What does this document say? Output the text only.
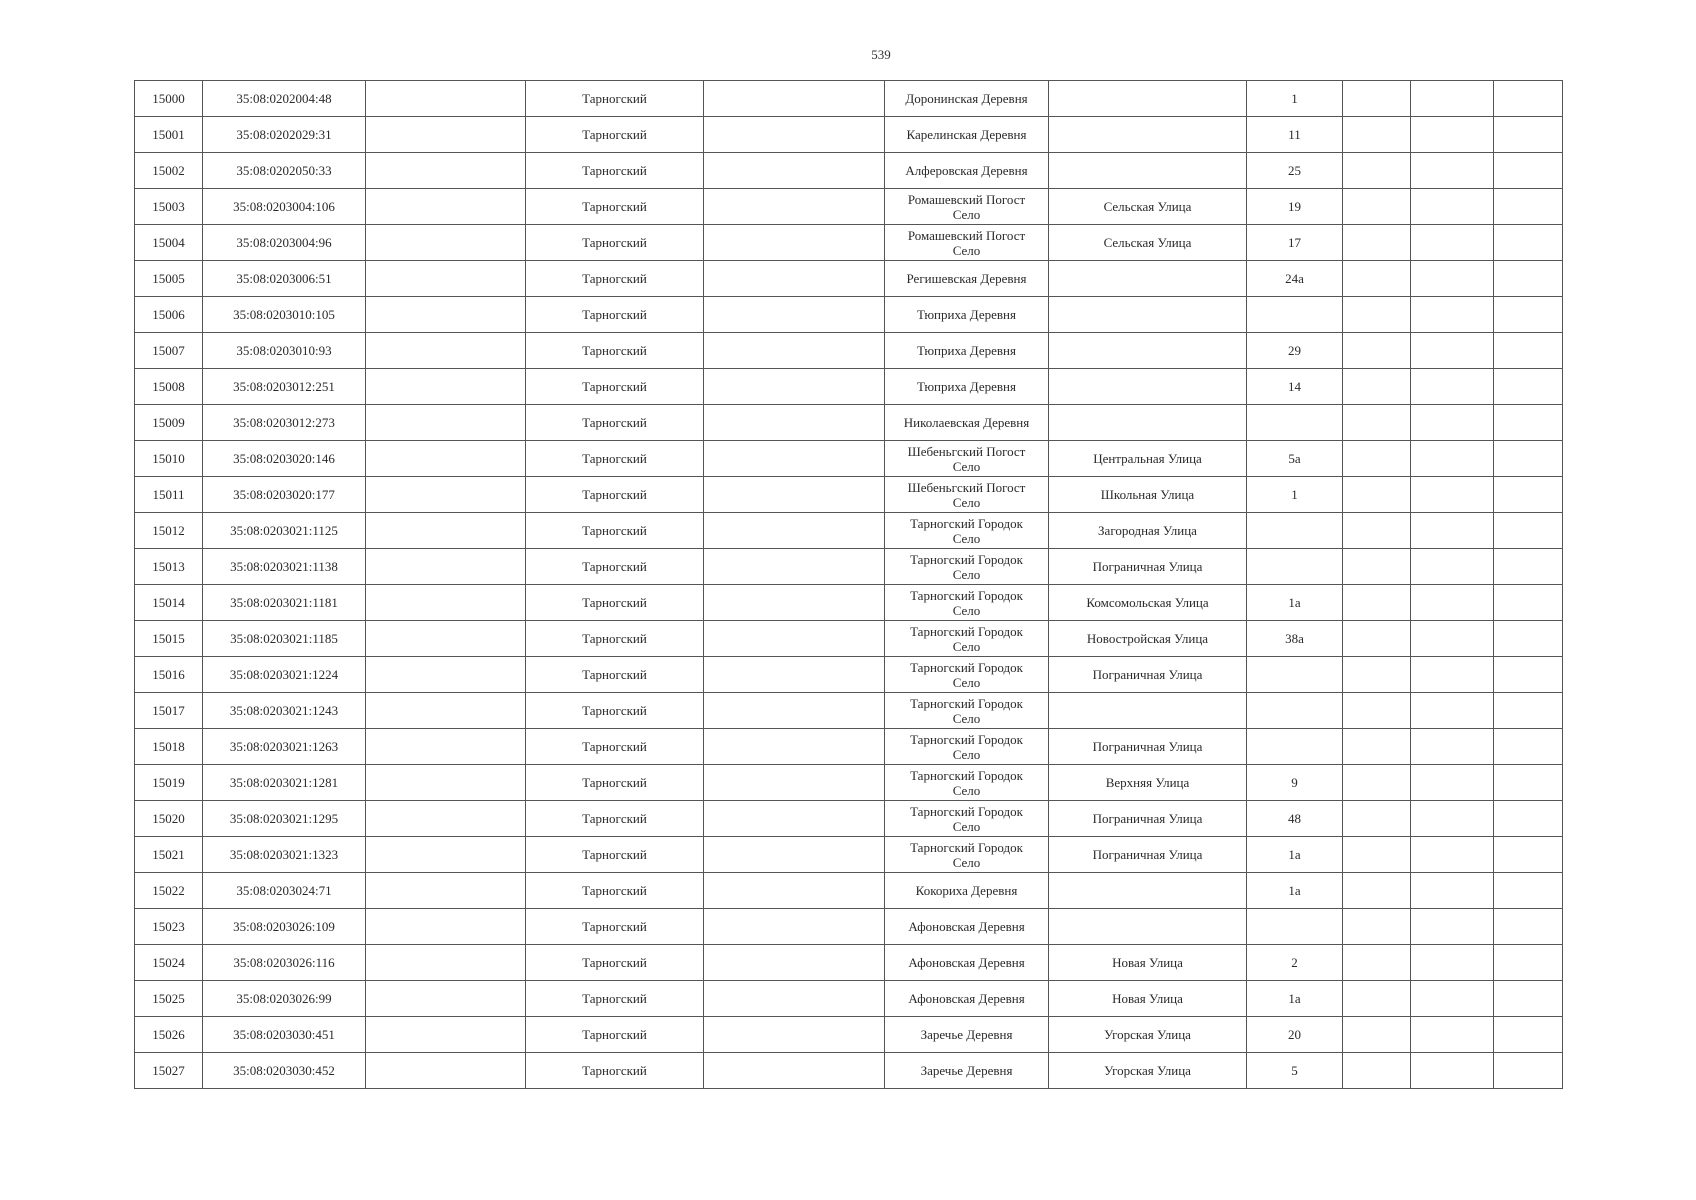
539
15000	35:08:0202004:48		Тарногский		Доронинская Деревня		1			
15001	35:08:0202029:31		Тарногский		Карелинская Деревня		11			
15002	35:08:0202050:33		Тарногский		Алферовская Деревня		25			
15003	35:08:0203004:106		Тарногский		Ромашевский Погост Село	Сельская Улица	19			
15004	35:08:0203004:96		Тарногский		Ромашевский Погост Село	Сельская Улица	17			
15005	35:08:0203006:51		Тарногский		Регишевская Деревня		24а			
15006	35:08:0203010:105		Тарногский		Тюприха Деревня					

15007	35:08:0203010:93		Тарногский		Тюприха Деревня		29			
15008	35:08:0203012:251		Тарногский		Тюприха Деревня		14			
15009	35:08:0203012:273		Тарногский		Николаевская Деревня					

15010	35:08:0203020:146		Тарногский		Шебеньгский Погост Село	Центральная Улица	5а			
15011	35:08:0203020:177		Тарногский		Шебеньгский Погост Село	Школьная Улица	1			
15012	35:08:0203021:1125		Тарногский		Тарногский Городок Село	Загородная Улица				
15013	35:08:0203021:1138		Тарногский		Тарногский Городок Село	Пограничная Улица				
15014	35:08:0203021:1181		Тарногский		Тарногский Городок Село	Комсомольская Улица	1а			
15015	35:08:0203021:1185		Тарногский		Тарногский Городок Село	Новостройская Улица	38а			
15016	35:08:0203021:1224		Тарногский		Тарногский Городок Село	Пограничная Улица				
15017	35:08:0203021:1243		Тарногский		Тарногский Городок Село					

15018	35:08:0203021:1263		Тарногский		Тарногский Городок Село	Пограничная Улица				
15019	35:08:0203021:1281		Тарногский		Тарногский Городок Село	Верхняя Улица	9			
15020	35:08:0203021:1295		Тарногский		Тарногский Городок Село	Пограничная Улица	48			
15021	35:08:0203021:1323		Тарногский		Тарногский Городок Село	Пограничная Улица	1а			
15022	35:08:0203024:71		Тарногский		Кокориха Деревня		1а			
15023	35:08:0203026:109		Тарногский		Афоновская Деревня					

15024	35:08:0203026:116		Тарногский		Афоновская Деревня	Новая Улица	2			
15025	35:08:0203026:99		Тарногский		Афоновская Деревня	Новая Улица	1а			
15026	35:08:0203030:451		Тарногский		Заречье Деревня	Угорская Улица	20			
15027	35:08:0203030:452		Тарногский		Заречье Деревня	Угорская Улица	5			
